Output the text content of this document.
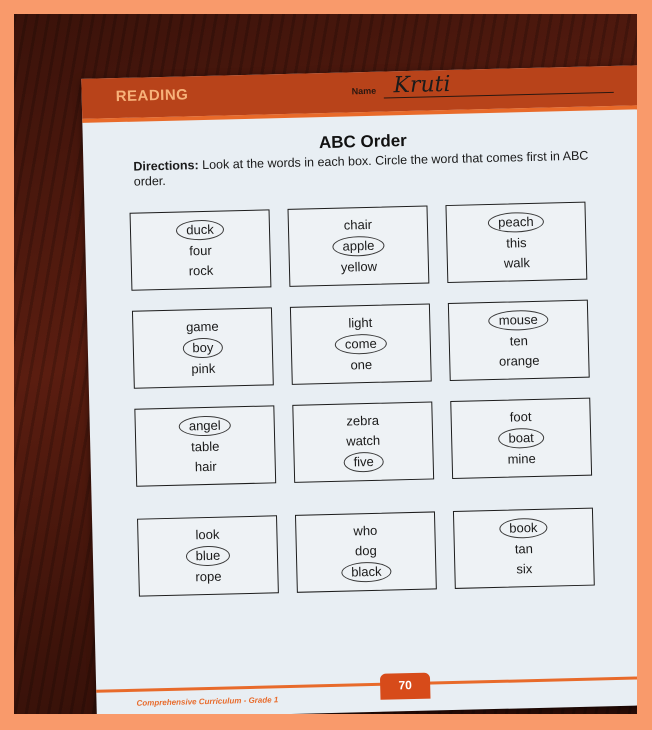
READING	Name Kruti
ABC Order
Directions: Look at the words in each box. Circle the word that comes first in ABC order.
duck
four
rock
chair
apple
yellow
peach
this
walk
game
boy
pink
light
come
one
mouse
ten
orange
angel
table
hair
zebra
watch
five
foot
boat
mine
look
blue
rope
who
dog
black
book
tan
six
Comprehensive Curriculum - Grade 1
70
